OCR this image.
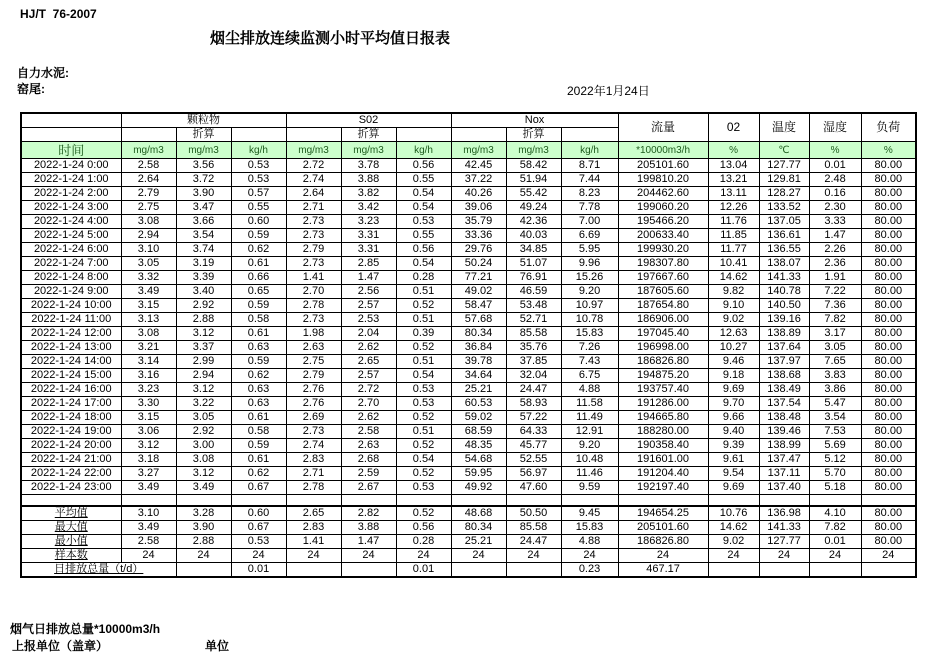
HJ/T  76-2007
烟尘排放连续监测小时平均值日报表
自力水泥:
窑尾:	2022年1月24日
	颗粒物			S02			Nox			流量	02	温度	湿度	负荷
		折算			折算			折算						
时间	mg/m3	mg/m3	kg/h	mg/m3	mg/m3	kg/h	mg/m3	mg/m3	kg/h	*10000m3/h	%	℃	%	%
2022-1-24 0:00	2.58	3.56	0.53	2.72	3.78	0.56	42.45	58.42	8.71	205101.60	13.04	127.77	0.01	80.00
2022-1-24 1:00	2.64	3.72	0.53	2.74	3.88	0.55	37.22	51.94	7.44	199810.20	13.21	129.81	2.48	80.00
2022-1-24 2:00	2.79	3.90	0.57	2.64	3.82	0.54	40.26	55.42	8.23	204462.60	13.11	128.27	0.16	80.00
2022-1-24 3:00	2.75	3.47	0.55	2.71	3.42	0.54	39.06	49.24	7.78	199060.20	12.26	133.52	2.30	80.00
2022-1-24 4:00	3.08	3.66	0.60	2.73	3.23	0.53	35.79	42.36	7.00	195466.20	11.76	137.05	3.33	80.00
2022-1-24 5:00	2.94	3.54	0.59	2.73	3.31	0.55	33.36	40.03	6.69	200633.40	11.85	136.61	1.47	80.00
2022-1-24 6:00	3.10	3.74	0.62	2.79	3.31	0.56	29.76	34.85	5.95	199930.20	11.77	136.55	2.26	80.00
2022-1-24 7:00	3.05	3.19	0.61	2.73	2.85	0.54	50.24	51.07	9.96	198307.80	10.41	138.07	2.36	80.00
2022-1-24 8:00	3.32	3.39	0.66	1.41	1.47	0.28	77.21	76.91	15.26	197667.60	14.62	141.33	1.91	80.00
2022-1-24 9:00	3.49	3.40	0.65	2.70	2.56	0.51	49.02	46.59	9.20	187605.60	9.82	140.78	7.22	80.00
2022-1-24 10:00	3.15	2.92	0.59	2.78	2.57	0.52	58.47	53.48	10.97	187654.80	9.10	140.50	7.36	80.00
2022-1-24 11:00	3.13	2.88	0.58	2.73	2.53	0.51	57.68	52.71	10.78	186906.00	9.02	139.16	7.82	80.00
2022-1-24 12:00	3.08	3.12	0.61	1.98	2.04	0.39	80.34	85.58	15.83	197045.40	12.63	138.89	3.17	80.00
2022-1-24 13:00	3.21	3.37	0.63	2.63	2.62	0.52	36.84	35.76	7.26	196998.00	10.27	137.64	3.05	80.00
2022-1-24 14:00	3.14	2.99	0.59	2.75	2.65	0.51	39.78	37.85	7.43	186826.80	9.46	137.97	7.65	80.00
2022-1-24 15:00	3.16	2.94	0.62	2.79	2.57	0.54	34.64	32.04	6.75	194875.20	9.18	138.68	3.83	80.00
2022-1-24 16:00	3.23	3.12	0.63	2.76	2.72	0.53	25.21	24.47	4.88	193757.40	9.69	138.49	3.86	80.00
2022-1-24 17:00	3.30	3.22	0.63	2.76	2.70	0.53	60.53	58.93	11.58	191286.00	9.70	137.54	5.47	80.00
2022-1-24 18:00	3.15	3.05	0.61	2.69	2.62	0.52	59.02	57.22	11.49	194665.80	9.66	138.48	3.54	80.00
2022-1-24 19:00	3.06	2.92	0.58	2.73	2.58	0.51	68.59	64.33	12.91	188280.00	9.40	139.46	7.53	80.00
2022-1-24 20:00	3.12	3.00	0.59	2.74	2.63	0.52	48.35	45.77	9.20	190358.40	9.39	138.99	5.69	80.00
2022-1-24 21:00	3.18	3.08	0.61	2.83	2.68	0.54	54.68	52.55	10.48	191601.00	9.61	137.47	5.12	80.00
2022-1-24 22:00	3.27	3.12	0.62	2.71	2.59	0.52	59.95	56.97	11.46	191204.40	9.54	137.11	5.70	80.00
2022-1-24 23:00	3.49	3.49	0.67	2.78	2.67	0.53	49.92	47.60	9.59	192197.40	9.69	137.40	5.18	80.00

平均值	3.10	3.28	0.60	2.65	2.82	0.52	48.68	50.50	9.45	194654.25	10.76	136.98	4.10	80.00
最大值	3.49	3.90	0.67	2.83	3.88	0.56	80.34	85.58	15.83	205101.60	14.62	141.33	7.82	80.00
最小值	2.58	2.88	0.53	1.41	1.47	0.28	25.21	24.47	4.88	186826.80	9.02	127.77	0.01	80.00
样本数	24	24	24	24	24	24	24	24	24	24	24	24	24	24
日排放总量（t/d）			0.01			0.01			0.23	467.17				
烟气日排放总量*10000m3/h
上报单位（盖章）	单位
